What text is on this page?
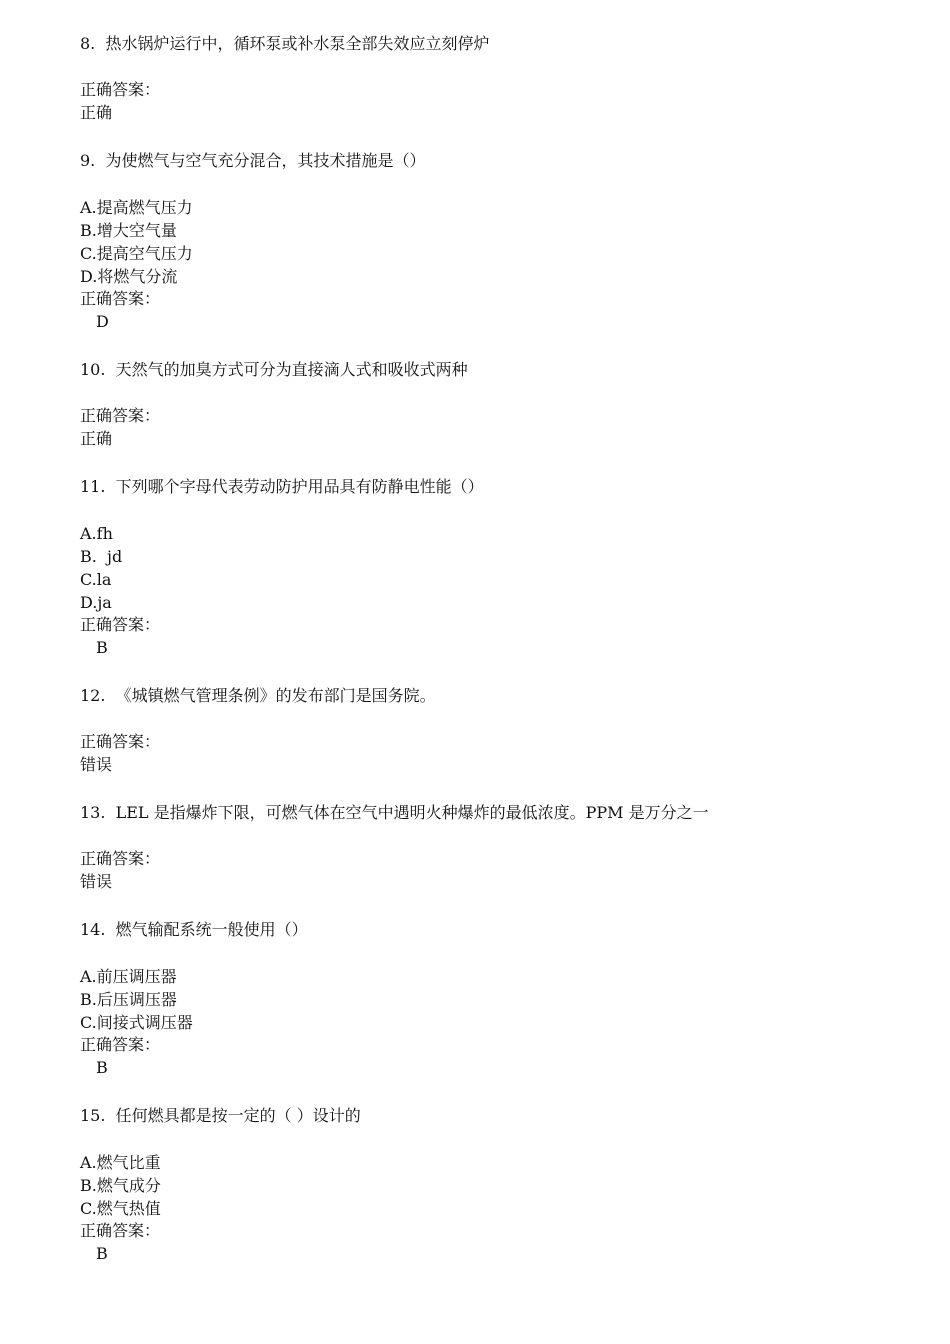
8.  热水锅炉运行中，循环泵或补水泵全部失效应立刻停炉
正确答案：
正确
9.  为使燃气与空气充分混合，其技术措施是（）
A.提高燃气压力
B.增大空气量
C.提高空气压力
D.将燃气分流
正确答案：
D
10.  天然气的加臭方式可分为直接滴人式和吸收式两种
正确答案：
正确
11.  下列哪个字母代表劳动防护用品具有防静电性能（）
A.fh
B.  jd
C.la
D.ja
正确答案：
B
12.  《城镇燃气管理条例》的发布部门是国务院。
正确答案：
错误
13.  LEL 是指爆炸下限，可燃气体在空气中遇明火种爆炸的最低浓度。PPM 是万分之一
正确答案：
错误
14.  燃气输配系统一般使用（）
A.前压调压器
B.后压调压器
C.间接式调压器
正确答案：
B
15.  任何燃具都是按一定的（ ）设计的
A.燃气比重
B.燃气成分
C.燃气热值
正确答案：
B
